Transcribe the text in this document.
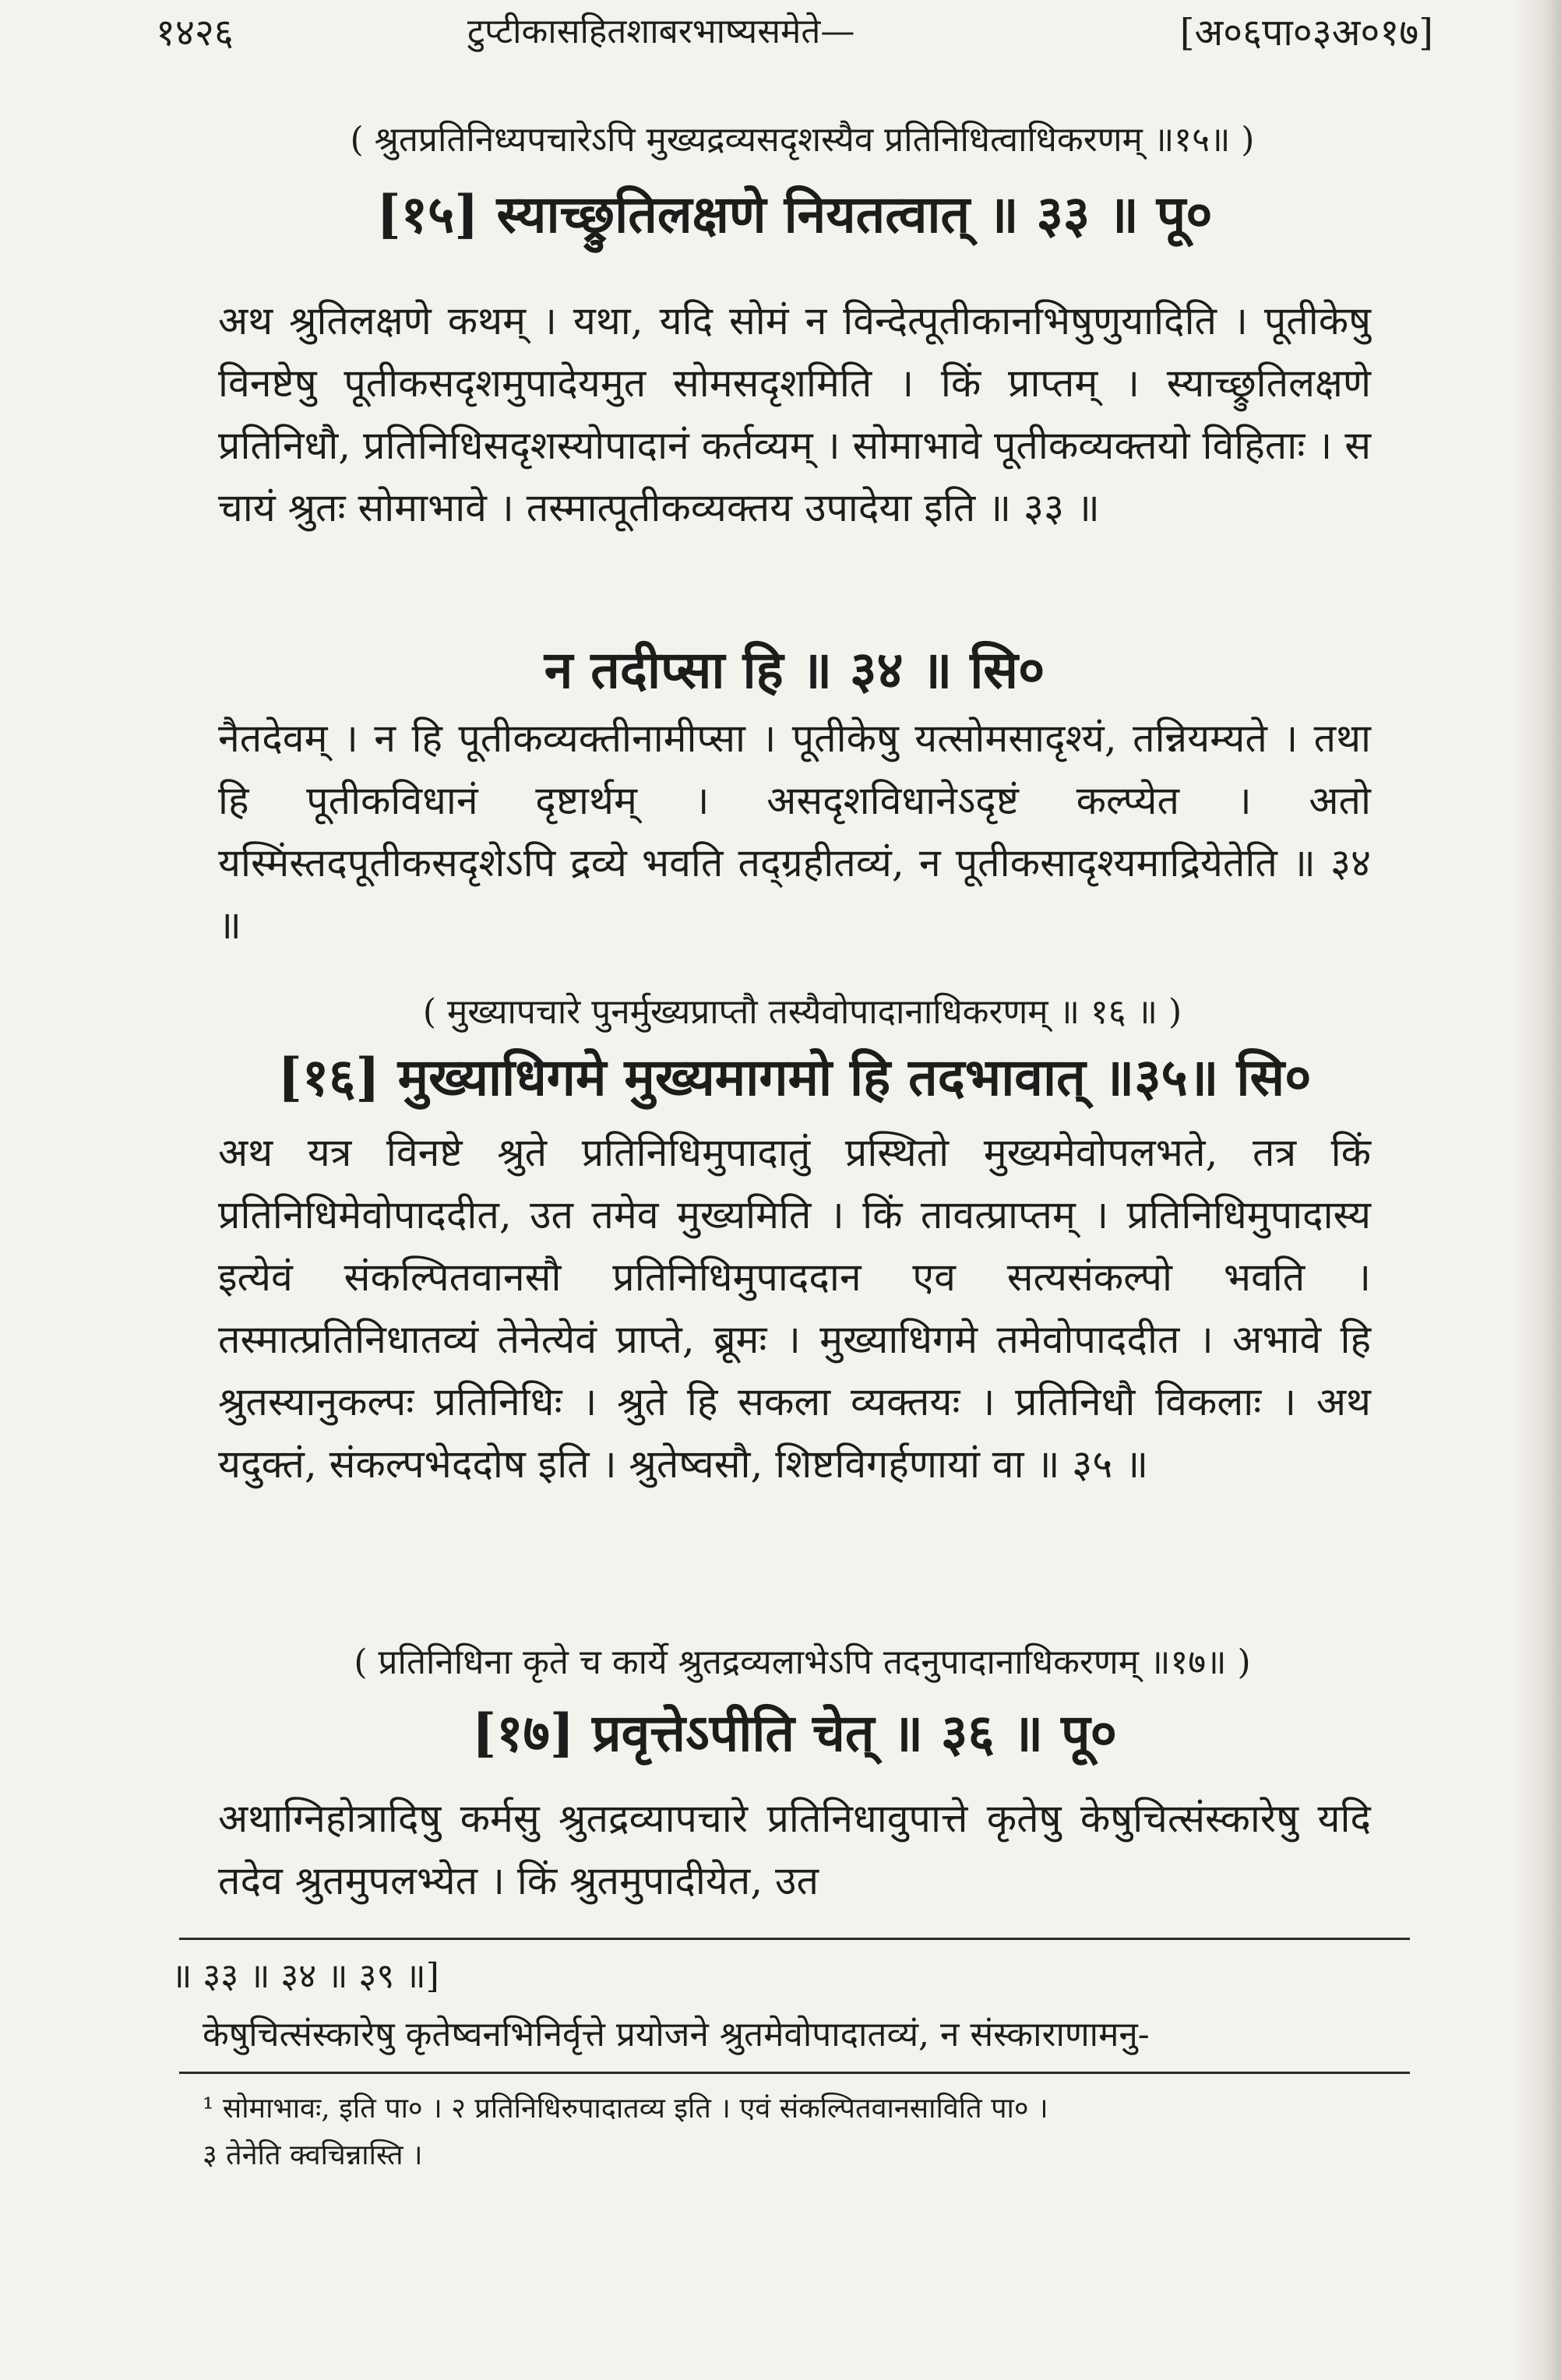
१४२६	टुप्टीकासहितशाबरभाष्यसमेते—	[अ०६पा०३अ०१७]
( श्रुतप्रतिनिध्यपचारेऽपि मुख्यद्रव्यसदृशस्यैव प्रतिनिधित्वाधिकरणम् ॥१५॥ )
[१५] स्याच्छ्रुतिलक्षणे नियतत्वात् ॥ ३३ ॥ पू०
अथ श्रुतिलक्षणे कथम् । यथा, यदि सोमं न विन्देत्पूतीकानभिषुणुयादिति । पूतीकेषु विनष्टेषु पूतीकसदृशमुपादेयमुत सोमसदृशमिति । किं प्राप्तम् । स्याच्छ्रुतिलक्षणे प्रतिनिधौ, प्रतिनिधिसदृशस्योपादानं कर्तव्यम् । सोमाभावे पूतीकव्यक्तयो विहिताः । स चायं श्रुतः सोमाभावे । तस्मात्पूतीकव्यक्तय उपादेया इति ॥ ३३ ॥
न तदीप्सा हि ॥ ३४ ॥ सि०
नैतदेवम् । न हि पूतीकव्यक्तीनामीप्सा । पूतीकेषु यत्सोमसादृश्यं, तन्नियम्यते । तथा हि पूतीकविधानं दृष्टार्थम् । असदृशविधानेऽदृष्टं कल्प्येत । अतो यस्मिंस्तदपूतीकसदृशेऽपि द्रव्ये भवति तद्ग्रहीतव्यं, न पूतीकसादृश्यमाद्रियेतेति ॥ ३४ ॥
( मुख्यापचारे पुनर्मुख्यप्राप्तौ तस्यैवोपादानाधिकरणम् ॥ १६ ॥ )
[१६] मुख्याधिगमे मुख्यमागमो हि तदभावात् ॥३५॥ सि०
अथ यत्र विनष्टे श्रुते प्रतिनिधिमुपादातुं प्रस्थितो मुख्यमेवोपलभते, तत्र किं प्रतिनिधिमेवोपाददीत, उत तमेव मुख्यमिति । किं तावत्प्राप्तम् । प्रतिनिधिमुपादास्य इत्येवं संकल्पितवानसौ प्रतिनिधिमुपाददान एव सत्यसंकल्पो भवति । तस्मात्प्रतिनिधातव्यं तेनेत्येवं प्राप्ते, ब्रूमः । मुख्याधिगमे तमेवोपाददीत । अभावे हि श्रुतस्यानुकल्पः प्रतिनिधिः । श्रुते हि सकला व्यक्तयः । प्रतिनिधौ विकलाः । अथ यदुक्तं, संकल्पभेददोष इति । श्रुतेष्वसौ, शिष्टविगर्हणायां वा ॥ ३५ ॥
( प्रतिनिधिना कृते च कार्ये श्रुतद्रव्यलाभेऽपि तदनुपादानाधिकरणम् ॥१७॥ )
[१७] प्रवृत्तेऽपीति चेत् ॥ ३६ ॥ पू०
अथाग्निहोत्रादिषु कर्मसु श्रुतद्रव्यापचारे प्रतिनिधावुपात्ते कृतेषु केषुचित्संस्कारेषु यदि तदेव श्रुतमुपलभ्येत । किं श्रुतमुपादीयेत, उत
॥ ३३ ॥ ३४ ॥ ३९ ॥]
केषुचित्संस्कारेषु कृतेष्वनभिनिर्वृत्ते प्रयोजने श्रुतमेवोपादातव्यं, न संस्काराणामनु-
¹ सोमाभावः, इति पा० । २ प्रतिनिधिरुपादातव्य इति । एवं संकल्पितवानसाविति पा० ।
३ तेनेति क्वचिन्नास्ति ।
